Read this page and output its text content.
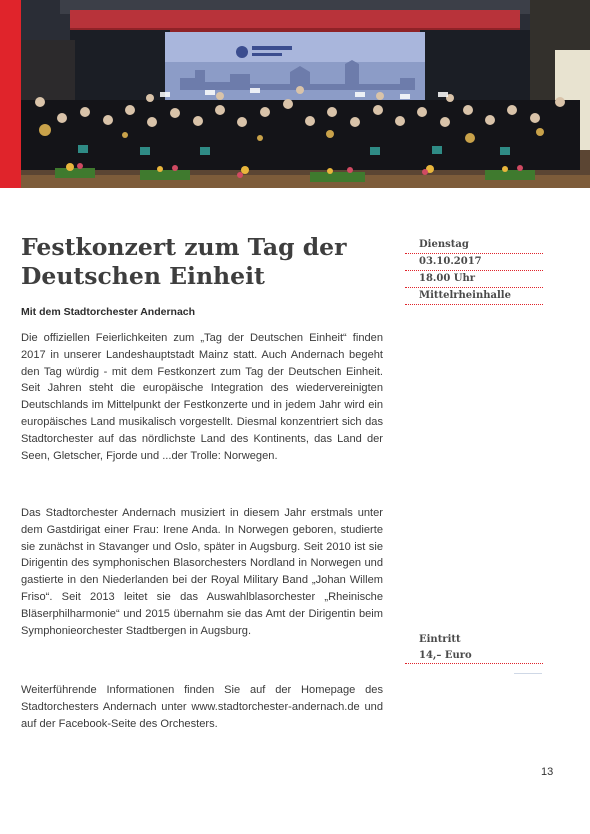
Festkonzert zum Tag der
Deutschen Einheit
Mit dem Stadtorchester Andernach

Die offiziellen Feierlichkeiten zum „Tag der Deutschen Einheit“ finden 2017 in unserer Landeshauptstadt Mainz statt. Auch Andernach begeht den Tag würdig - mit dem Festkonzert zum Tag der Deutschen Einheit. Seit Jahren steht die europäische Integration des wiedervereinigten Deutschlands im Mittelpunkt der Festkonzerte und in jedem Jahr wird ein europäisches Land musikalisch vorgestellt. Diesmal konzentriert sich das Stadtorchester auf das nördlichste Land des Kontinents, das Land der Seen, Gletscher, Fjorde und ...der Trolle: Norwegen.

Das Stadtorchester Andernach musiziert in diesem Jahr erstmals unter dem Gastdirigat einer Frau: Irene Anda. In Norwegen geboren, studierte sie zunächst in Stavanger und Oslo, später in Augsburg. Seit 2010 ist sie Dirigentin des symphonischen Blasorchesters Nordland in Norwegen und gastierte in den Niederlanden bei der Royal Military Band „Johan Willem Friso“. Seit 2013 leitet sie das Auswahlblasorchester „Rheinische Bläserphilharmonie“ und 2015 übernahm sie das Amt der Dirigentin beim Symphonieorchester Stadtbergen in Augsburg.

Weiterführende Informationen finden Sie auf der Homepage des Stadtorchesters Andernach unter www.stadtorchester-andernach.de und auf der Facebook-Seite des Orchesters.

Dienstag
03.10.2017
18.00 Uhr
Mittelrheinhalle
Eintritt
14,– Euro
13
